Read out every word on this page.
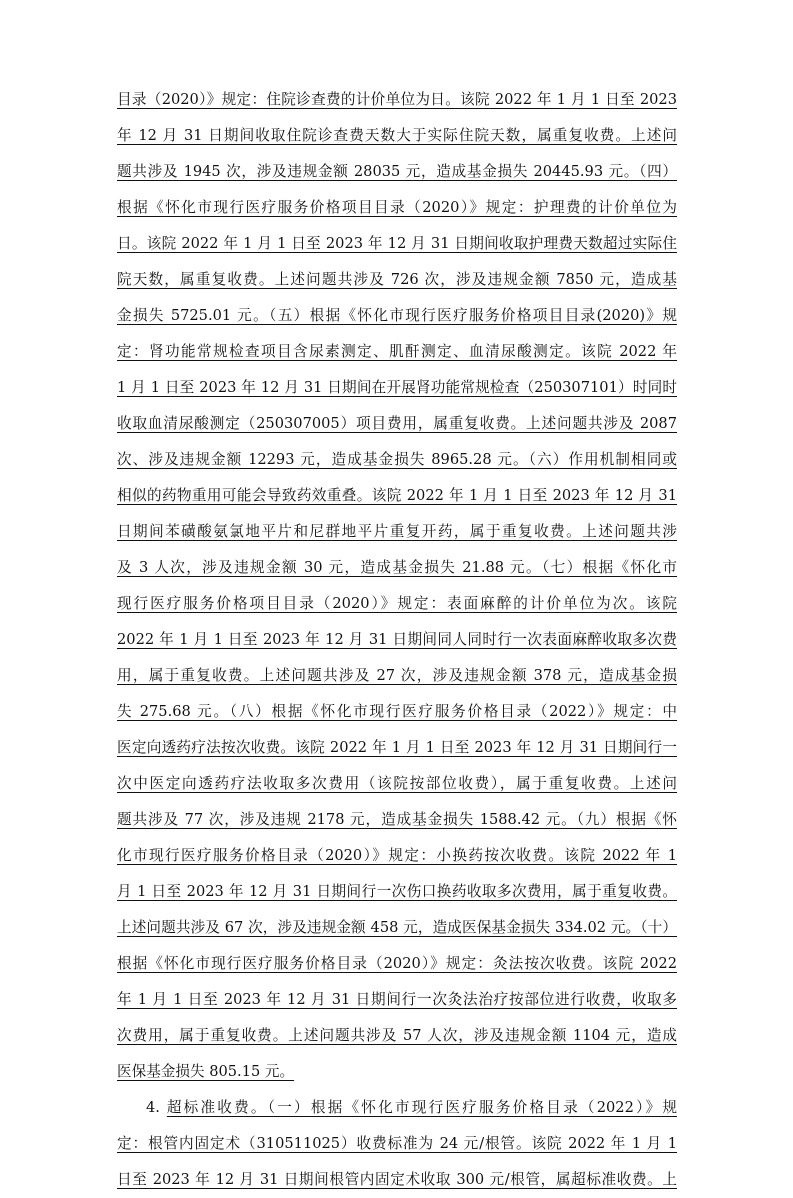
目录（2020）》规定：住院诊查费的计价单位为日。该院 2022 年 1 月 1 日至 2023
年 12 月 31 日期间收取住院诊查费天数大于实际住院天数，属重复收费。上述问
题共涉及 1945 次，涉及违规金额 28035 元，造成基金损失 20445.93 元。（四）
根据《怀化市现行医疗服务价格项目目录（2020）》规定：护理费的计价单位为
日。该院 2022 年 1 月 1 日至 2023 年 12 月 31 日期间收取护理费天数超过实际住
院天数，属重复收费。上述问题共涉及 726 次，涉及违规金额 7850 元，造成基
金损失 5725.01 元。（五）根据《怀化市现行医疗服务价格项目目录(2020)》规
定：肾功能常规检查项目含尿素测定、肌酐测定、血清尿酸测定。该院 2022 年
1 月 1 日至 2023 年 12 月 31 日期间在开展肾功能常规检查（250307101）时同时
收取血清尿酸测定（250307005）项目费用，属重复收费。上述问题共涉及 2087
次、涉及违规金额 12293 元，造成基金损失 8965.28 元。（六）作用机制相同或
相似的药物重用可能会导致药效重叠。该院 2022 年 1 月 1 日至 2023 年 12 月 31
日期间苯磺酸氨氯地平片和尼群地平片重复开药，属于重复收费。上述问题共涉
及 3 人次，涉及违规金额 30 元，造成基金损失 21.88 元。（七）根据《怀化市
现行医疗服务价格项目目录（2020）》规定：表面麻醉的计价单位为次。该院
2022 年 1 月 1 日至 2023 年 12 月 31 日期间同人同时行一次表面麻醉收取多次费
用，属于重复收费。上述问题共涉及 27 次，涉及违规金额 378 元，造成基金损
失 275.68 元。（八）根据《怀化市现行医疗服务价格目录（2022）》规定：中
医定向透药疗法按次收费。该院 2022 年 1 月 1 日至 2023 年 12 月 31 日期间行一
次中医定向透药疗法收取多次费用（该院按部位收费），属于重复收费。上述问
题共涉及 77 次，涉及违规 2178 元，造成基金损失 1588.42 元。（九）根据《怀
化市现行医疗服务价格目录（2020）》规定：小换药按次收费。该院 2022 年 1
月 1 日至 2023 年 12 月 31 日期间行一次伤口换药收取多次费用，属于重复收费。
上述问题共涉及 67 次，涉及违规金额 458 元，造成医保基金损失 334.02 元。（十）
根据《怀化市现行医疗服务价格目录（2020）》规定：灸法按次收费。该院 2022
年 1 月 1 日至 2023 年 12 月 31 日期间行一次灸法治疗按部位进行收费，收取多
次费用，属于重复收费。上述问题共涉及 57 人次，涉及违规金额 1104 元，造成
医保基金损失 805.15 元。
4. 超标准收费。（一）根据《怀化市现行医疗服务价格目录（2022）》规
定：根管内固定术（310511025）收费标准为 24 元/根管。该院 2022 年 1 月 1
日至 2023 年 12 月 31 日期间根管内固定术收取 300 元/根管，属超标准收费。上
